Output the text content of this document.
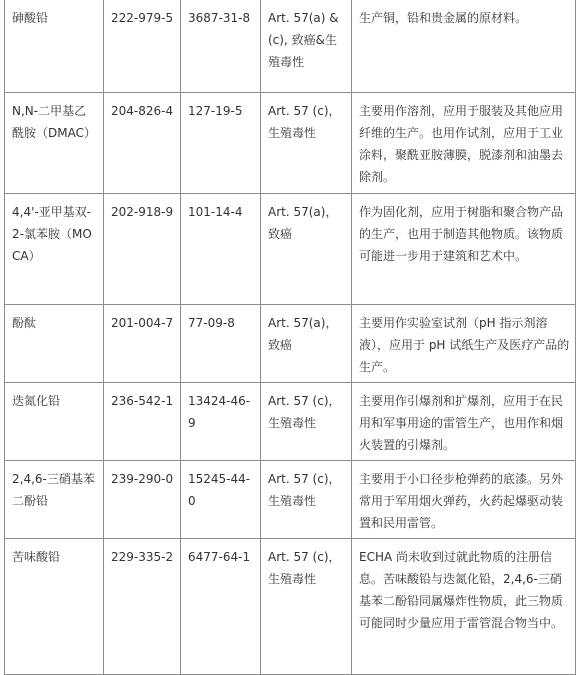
砷酸铅	222-979-5	3687-31-8	Art. 57(a) & (c), 致癌&生殖毒性	生产铜，铅和贵金属的原材料。
N,N-二甲基乙酰胺（DMAC）	204-826-4	127-19-5	Art. 57 (c)，生殖毒性	主要用作溶剂，应用于服装及其他应用纤维的生产。也用作试剂，应用于工业涂料，聚酰亚胺薄膜，脱漆剂和油墨去除剂。
4,4'-亚甲基双-2-氯苯胺（MOCA）	202-918-9	101-14-4	Art. 57(a)，致癌	作为固化剂，应用于树脂和聚合物产品的生产，也用于制造其他物质。该物质可能进一步用于建筑和艺术中。
酚酞	201-004-7	77-09-8	Art. 57(a)，致癌	主要用作实验室试剂（pH 指示剂溶液），应用于 pH 试纸生产及医疗产品的生产。
迭氮化铅	236-542-1	13424-46-9	Art. 57 (c)，生殖毒性	主要用作引爆剂和扩爆剂，应用于在民用和军事用途的雷管生产，也用作和烟火装置的引爆剂。
2,4,6-三硝基苯二酚铅	239-290-0	15245-44-0	Art. 57 (c)，生殖毒性	主要用于小口径步枪弹药的底漆。另外常用于军用烟火弹药，火药起爆驱动装置和民用雷管。
苦味酸铅	229-335-2	6477-64-1	Art. 57 (c)，生殖毒性	ECHA 尚未收到过就此物质的注册信息。苦味酸铅与迭氮化铅，2,4,6-三硝基苯二酚铅同属爆炸性物质，此三物质可能同时少量应用于雷管混合物当中。
